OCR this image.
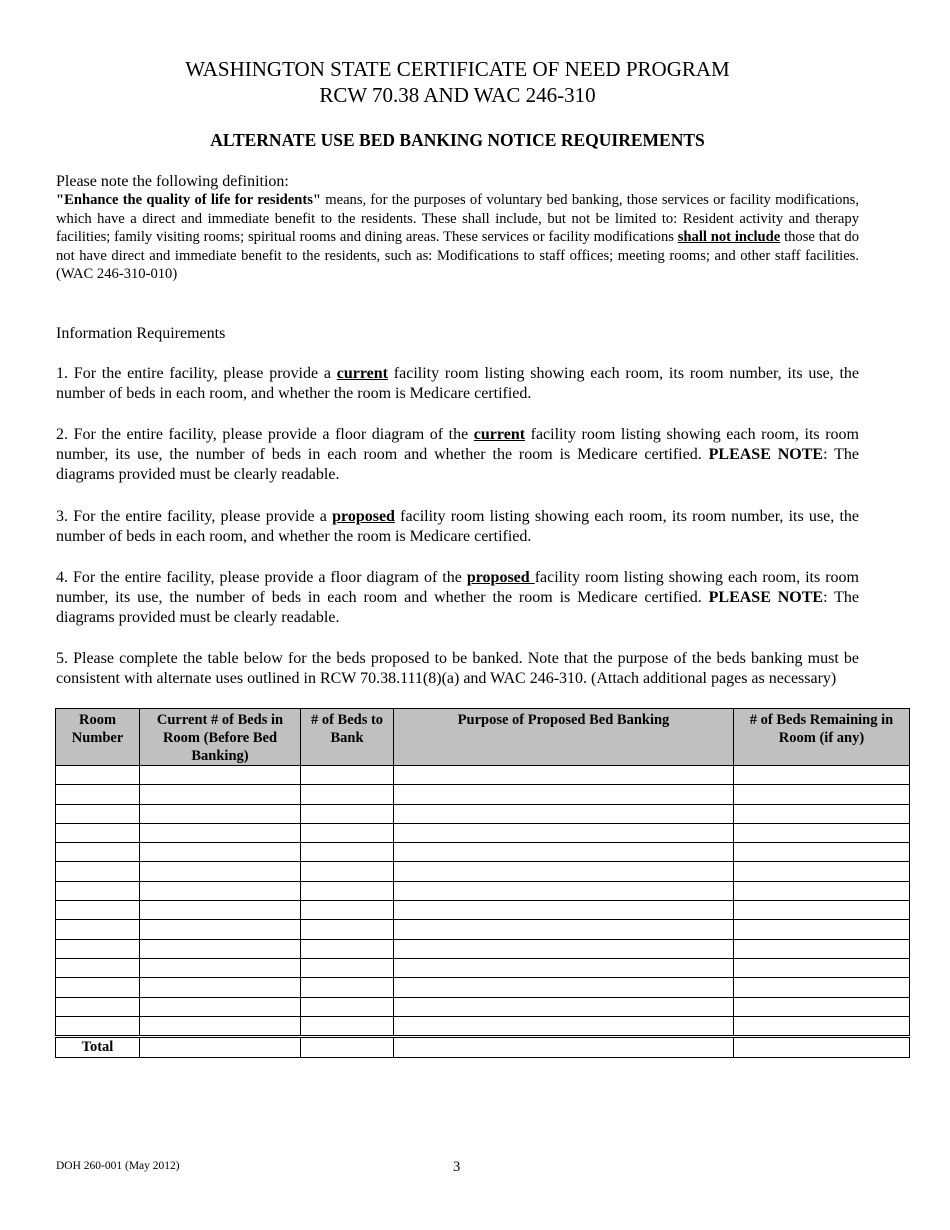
WASHINGTON STATE CERTIFICATE OF NEED PROGRAM
RCW 70.38 AND WAC 246-310
ALTERNATE USE BED BANKING NOTICE REQUIREMENTS

Please note the following definition:

"Enhance the quality of life for residents" means, for the purposes of voluntary bed banking, those services or facility modifications, which have a direct and immediate benefit to the residents. These shall include, but not be limited to: Resident activity and therapy facilities; family visiting rooms; spiritual rooms and dining areas. These services or facility modifications shall not include those that do not have direct and immediate benefit to the residents, such as: Modifications to staff offices; meeting rooms; and other staff facilities. (WAC 246-310-010)

Information Requirements

1. For the entire facility, please provide a current facility room listing showing each room, its room number, its use, the number of beds in each room, and whether the room is Medicare certified.

2. For the entire facility, please provide a floor diagram of the current facility room listing showing each room, its room number, its use, the number of beds in each room and whether the room is Medicare certified. PLEASE NOTE: The diagrams provided must be clearly readable.

3. For the entire facility, please provide a proposed facility room listing showing each room, its room number, its use, the number of beds in each room, and whether the room is Medicare certified.

4. For the entire facility, please provide a floor diagram of the proposed facility room listing showing each room, its room number, its use, the number of beds in each room and whether the room is Medicare certified. PLEASE NOTE: The diagrams provided must be clearly readable.

5. Please complete the table below for the beds proposed to be banked. Note that the purpose of the beds banking must be consistent with alternate uses outlined in RCW 70.38.111(8)(a) and WAC 246-310. (Attach additional pages as necessary)

Room Number	Current # of Beds in Room (Before Bed Banking)	# of Beds to Bank	Purpose of Proposed Bed Banking	# of Beds Remaining in Room (if any)

Total				
DOH 260-001 (May 2012)	3
